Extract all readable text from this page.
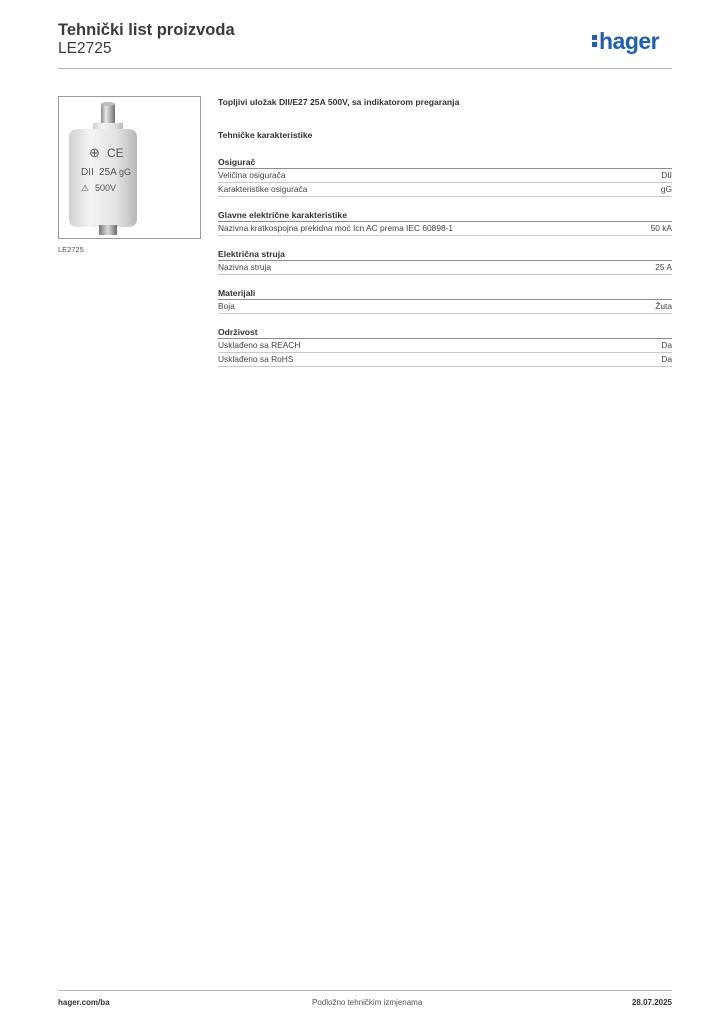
Tehnički list proizvoda
LE2725	hager
⊕ CE
DII 25A gG
⚠ 500V
LE2725
Topljivi uložak DII/E27 25A 500V, sa indikatorom pregaranja
Tehničke karakteristike
Osigurač
Veličina osigurača	DII
Karakteristike osigurača	gG
Glavne električne karakteristike
Nazivna kratkospojna prekidna moć Icn AC prema IEC 60898-1	50 kA
Električna struja
Nazivna struja	25 A
Materijali
Boja	Žuta
Održivost
Usklađeno sa REACH	Da
Usklađeno sa RoHS	Da
hager.com/ba	Podložno tehničkim izmjenama	28.07.2025
